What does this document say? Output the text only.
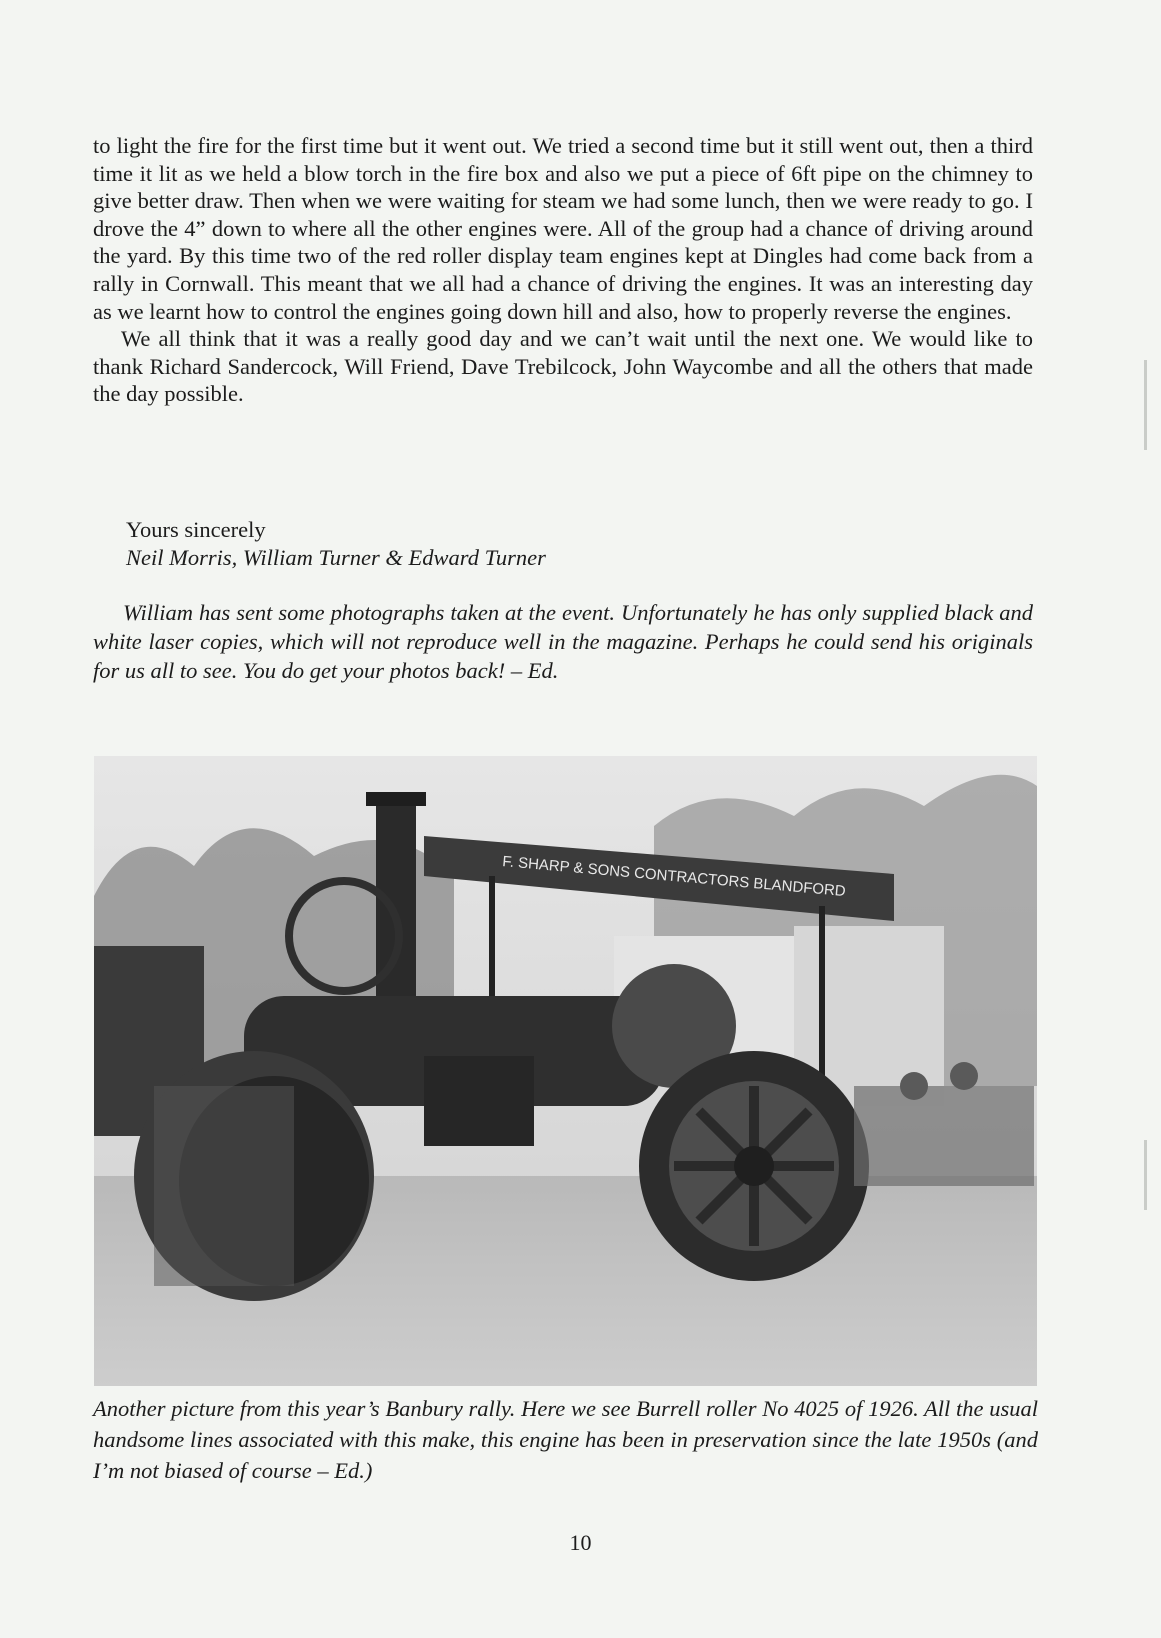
to light the fire for the first time but it went out. We tried a second time but it still went out, then a third time it lit as we held a blow torch in the fire box and also we put a piece of 6ft pipe on the chimney to give better draw. Then when we were waiting for steam we had some lunch, then we were ready to go. I drove the 4” down to where all the other engines were. All of the group had a chance of driving around the yard. By this time two of the red roller display team engines kept at Dingles had come back from a rally in Cornwall. This meant that we all had a chance of driving the engines. It was an interesting day as we learnt how to control the engines going down hill and also, how to properly reverse the engines.

We all think that it was a really good day and we can’t wait until the next one. We would like to thank Richard Sandercock, Will Friend, Dave Trebilcock, John Waycombe and all the others that made the day possible.

Yours sincerely
Neil Morris, William Turner & Edward Turner

William has sent some photographs taken at the event. Unfortunately he has only supplied black and white laser copies, which will not reproduce well in the magazine. Perhaps he could send his originals for us all to see. You do get your photos back! – Ed.

F. SHARP & SONS CONTRACTORS BLANDFORD

Another picture from this year’s Banbury rally. Here we see Burrell roller No 4025 of 1926. All the usual handsome lines associated with this make, this engine has been in preservation since the late 1950s (and I’m not biased of course – Ed.)

10
